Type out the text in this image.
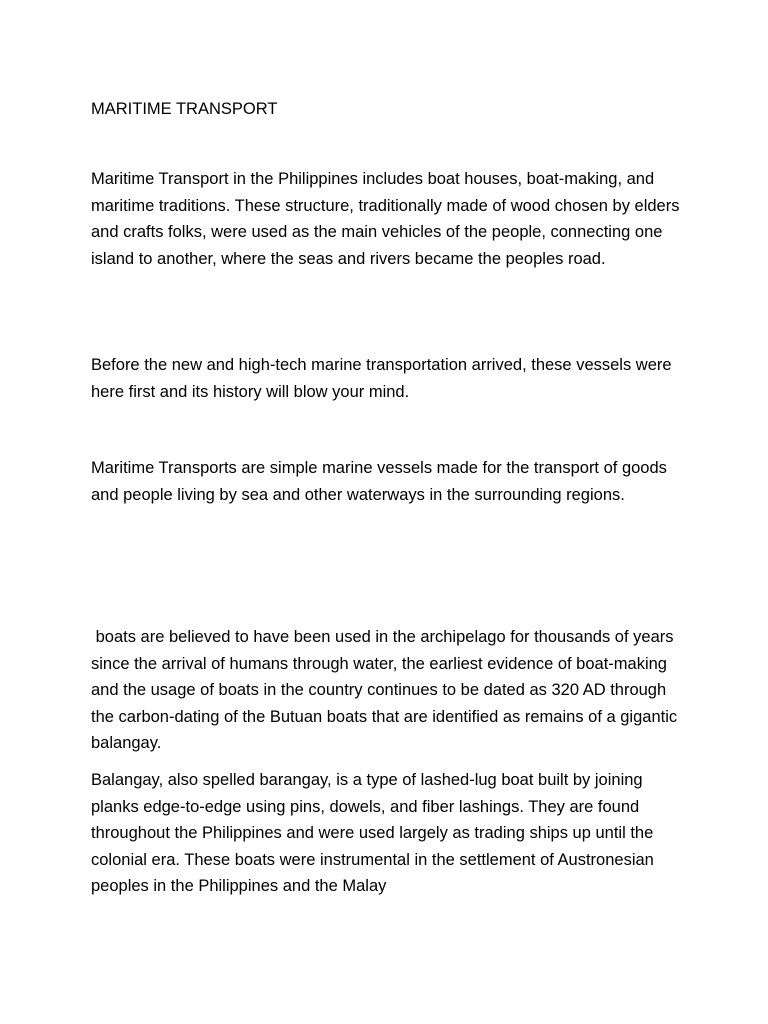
MARITIME TRANSPORT

Maritime Transport in the Philippines includes boat houses, boat-making, and maritime traditions. These structure, traditionally made of wood chosen by elders and crafts folks, were used as the main vehicles of the people, connecting one island to another, where the seas and rivers became the peoples road.

Before the new and high-tech marine transportation arrived, these vessels were here first and its history will blow your mind.

Maritime Transports are simple marine vessels made for the transport of goods and people living by sea and other waterways in the surrounding regions.

boats are believed to have been used in the archipelago for thousands of years since the arrival of humans through water, the earliest evidence of boat-making and the usage of boats in the country continues to be dated as 320 AD through the carbon-dating of the Butuan boats that are identified as remains of a gigantic balangay.

Balangay, also spelled barangay, is a type of lashed-lug boat built by joining planks edge-to-edge using pins, dowels, and fiber lashings. They are found throughout the Philippines and were used largely as trading ships up until the colonial era. These boats were instrumental in the settlement of Austronesian peoples in the Philippines and the Malay
